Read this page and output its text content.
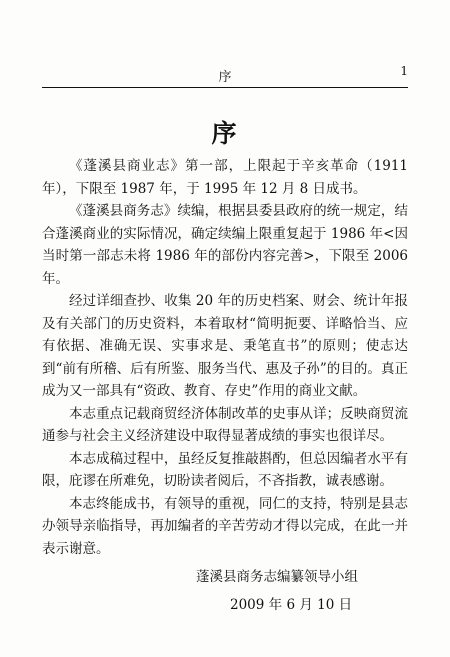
序	1
序

《蓬溪县商业志》第一部，上限起于辛亥革命（1911 年），下限至 1987 年，于 1995 年 12 月 8 日成书。

《蓬溪县商务志》续编，根据县委县政府的统一规定，结合蓬溪商业的实际情况，确定续编上限重复起于 1986 年<因当时第一部志未将 1986 年的部份内容完善>，下限至 2006 年。

经过详细查抄、收集 20 年的历史档案、财会、统计年报及有关部门的历史资料，本着取材“简明扼要、详略恰当、应有依据、准确无误、实事求是、秉笔直书”的原则；使志达到“前有所稽、后有所鉴、服务当代、惠及子孙”的目的。真正成为又一部具有“资政、教育、存史”作用的商业文献。

本志重点记载商贸经济体制改革的史事从详；反映商贸流通参与社会主义经济建设中取得显著成绩的事实也很详尽。

本志成稿过程中，虽经反复推敲斟酌，但总因编者水平有限，庇谬在所难免，切盼读者阅后，不吝指教，诚表感谢。

本志终能成书，有领导的重视，同仁的支持，特别是县志办领导亲临指导，再加编者的辛苦劳动才得以完成，在此一并表示谢意。

蓬溪县商务志编纂领导小组
2009 年 6 月 10 日
